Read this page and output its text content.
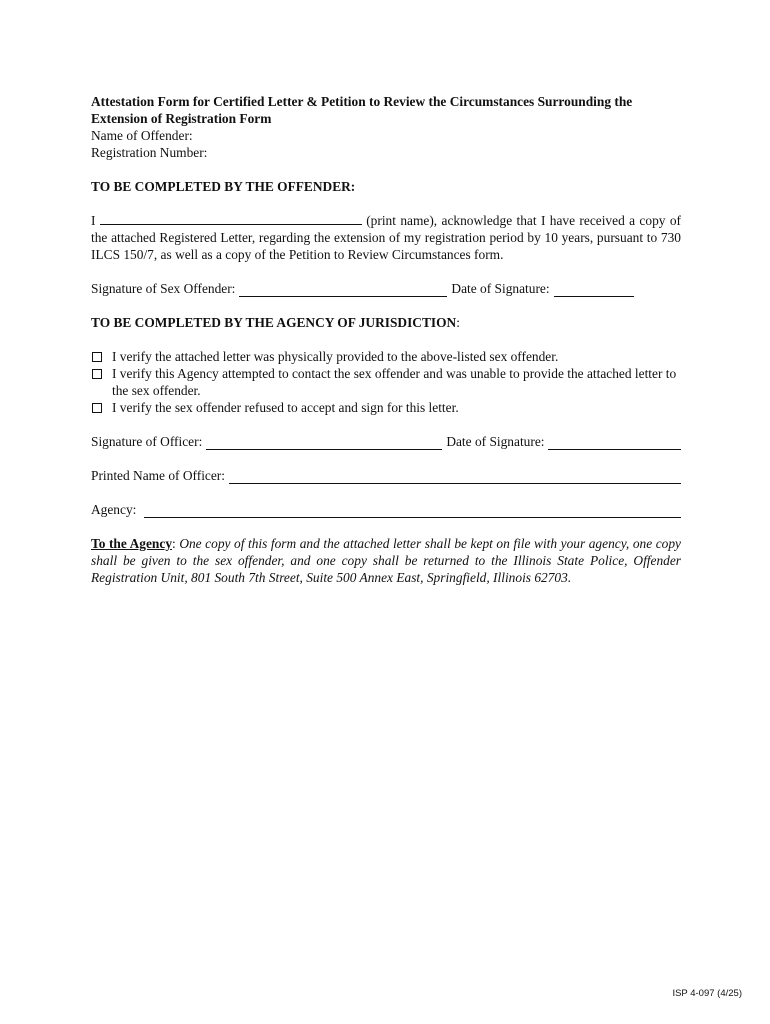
Attestation Form for Certified Letter & Petition to Review the Circumstances Surrounding the Extension of Registration Form

Name of Offender:

Registration Number:

TO BE COMPLETED BY THE OFFENDER:

I	(print name), acknowledge that I have received a copy of the attached Registered Letter, regarding the extension of my registration period by 10 years, pursuant to 730 ILCS 150/7, as well as a copy of the Petition to Review Circumstances form.

Signature of Sex Offender:	Date of Signature:

TO BE COMPLETED BY THE AGENCY OF JURISDICTION:

I verify the attached letter was physically provided to the above-listed sex offender.
I verify this Agency attempted to contact the sex offender and was unable to provide the attached letter to the sex offender.
I verify the sex offender refused to accept and sign for this letter.
Signature of Officer:	Date of Signature:
Printed Name of Officer:
Agency:

To the Agency: One copy of this form and the attached letter shall be kept on file with your agency, one copy shall be given to the sex offender, and one copy shall be returned to the Illinois State Police, Offender Registration Unit, 801 South 7th Street, Suite 500 Annex East, Springfield, Illinois 62703.

ISP 4-097 (4/25)
